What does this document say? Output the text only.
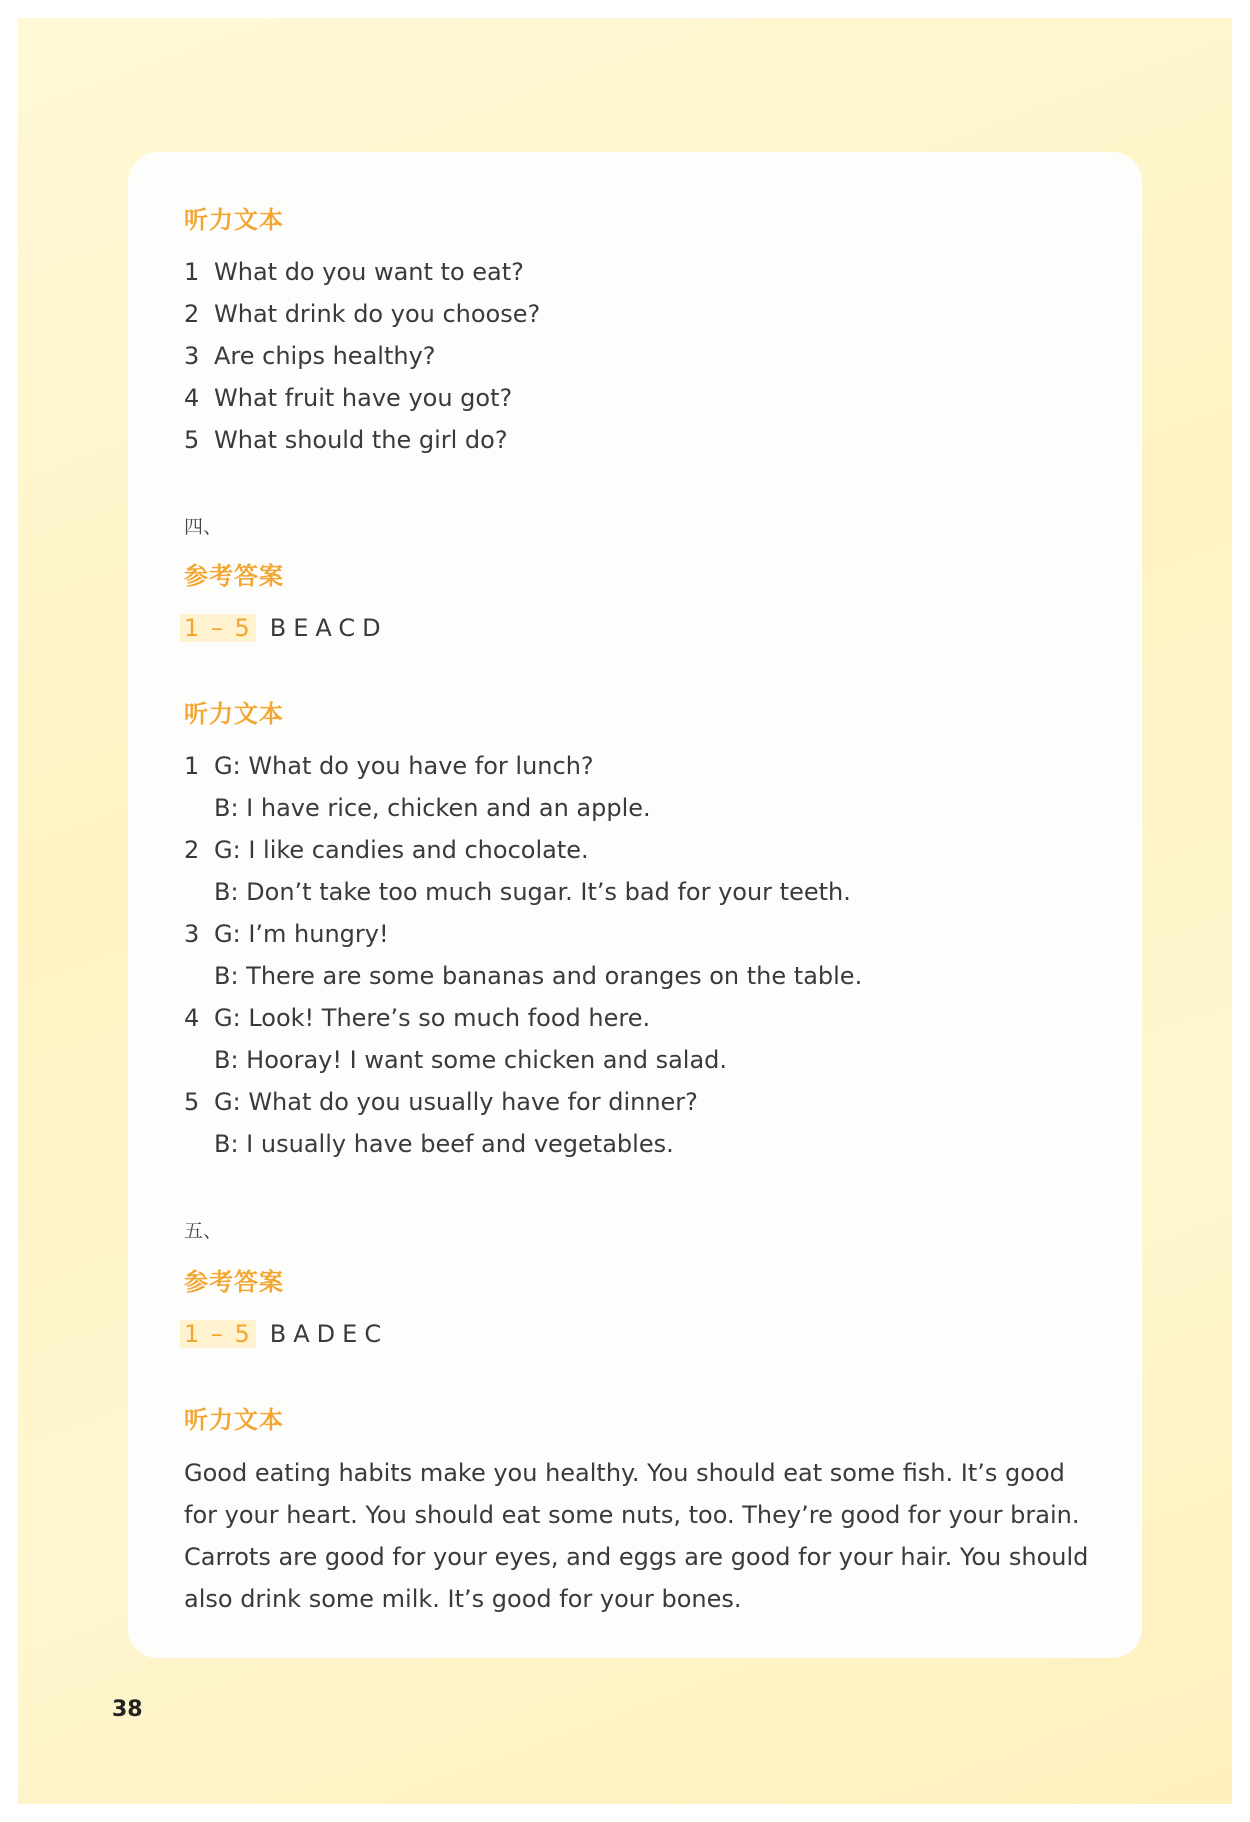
听力文本
1 What do you want to eat?
2 What drink do you choose?
3 Are chips healthy?
4 What fruit have you got?
5 What should the girl do?
四、
参考答案
1 – 5 BEACD
听力文本
1 G: What do you have for lunch?
B: I have rice, chicken and an apple.
2 G: I like candies and chocolate.
B: Don’t take too much sugar. It’s bad for your teeth.
3 G: I’m hungry!
B: There are some bananas and oranges on the table.
4 G: Look! There’s so much food here.
B: Hooray! I want some chicken and salad.
5 G: What do you usually have for dinner?
B: I usually have beef and vegetables.
五、
参考答案
1 – 5 BADEC
听力文本
Good eating habits make you healthy. You should eat some fish. It’s good
for your heart. You should eat some nuts, too. They’re good for your brain.
Carrots are good for your eyes, and eggs are good for your hair. You should
also drink some milk. It’s good for your bones.
38
